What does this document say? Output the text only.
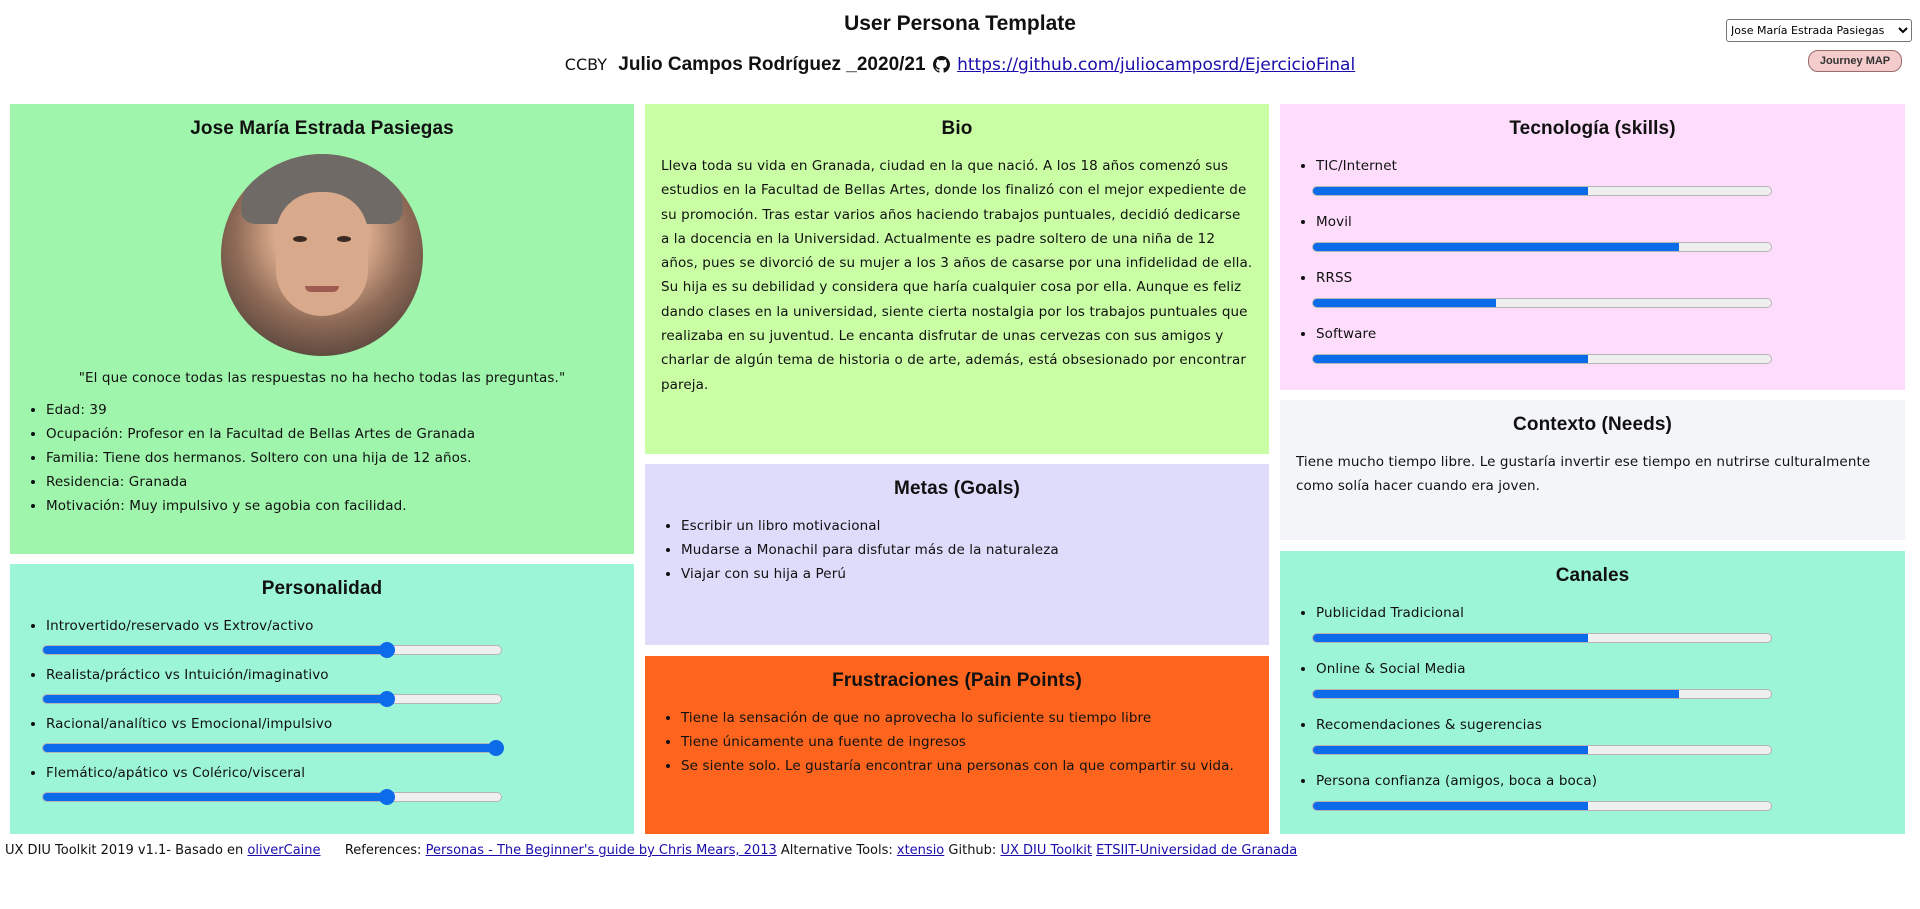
User Persona Template
CCBY Julio Campos Rodríguez _2020/21 https://github.com/juliocamposrd/EjercicioFinal
Jose María Estrada Pasiegas	Journey MAP
Jose María Estrada Pasiegas

"El que conoce todas las respuestas no ha hecho todas las preguntas."

• Edad: 39
• Ocupación: Profesor en la Facultad de Bellas Artes de Granada
• Familia: Tiene dos hermanos. Soltero con una hija de 12 años.
• Residencia: Granada
• Motivación: Muy impulsivo y se agobia con facilidad.
Personalidad
• Introvertido/reservado vs Extrov/activo
• Realista/práctico vs Intuición/imaginativo
• Racional/analítico vs Emocional/impulsivo
• Flemático/apático vs Colérico/visceral
Bio

Lleva toda su vida en Granada, ciudad en la que nació. A los 18 años comenzó sus estudios en la Facultad de Bellas Artes, donde los finalizó con el mejor expediente de su promoción. Tras estar varios años haciendo trabajos puntuales, decidió dedicarse a la docencia en la Universidad. Actualmente es padre soltero de una niña de 12 años, pues se divorció de su mujer a los 3 años de casarse por una infidelidad de ella. Su hija es su debilidad y considera que haría cualquier cosa por ella. Aunque es feliz dando clases en la universidad, siente cierta nostalgia por los trabajos puntuales que realizaba en su juventud. Le encanta disfrutar de unas cervezas con sus amigos y charlar de algún tema de historia o de arte, además, está obsesionado por encontrar pareja.

Metas (Goals)
• Escribir un libro motivacional
• Mudarse a Monachil para disfutar más de la naturaleza
• Viajar con su hija a Perú
Frustraciones (Pain Points)
• Tiene la sensación de que no aprovecha lo suficiente su tiempo libre
• Tiene únicamente una fuente de ingresos
• Se siente solo. Le gustaría encontrar una personas con la que compartir su vida.
Tecnología (skills)
• TIC/Internet
• Movil
• RRSS
• Software
Contexto (Needs)

Tiene mucho tiempo libre. Le gustaría invertir ese tiempo en nutrirse culturalmente como solía hacer cuando era joven.

Canales
• Publicidad Tradicional
• Online & Social Media
• Recomendaciones & sugerencias
• Persona confianza (amigos, boca a boca)
UX DIU Toolkit 2019 v1.1- Basado en oliverCaine References: Personas - The Beginner's guide by Chris Mears, 2013 Alternative Tools: xtensio Github: UX DIU Toolkit ETSIIT-Universidad de Granada
